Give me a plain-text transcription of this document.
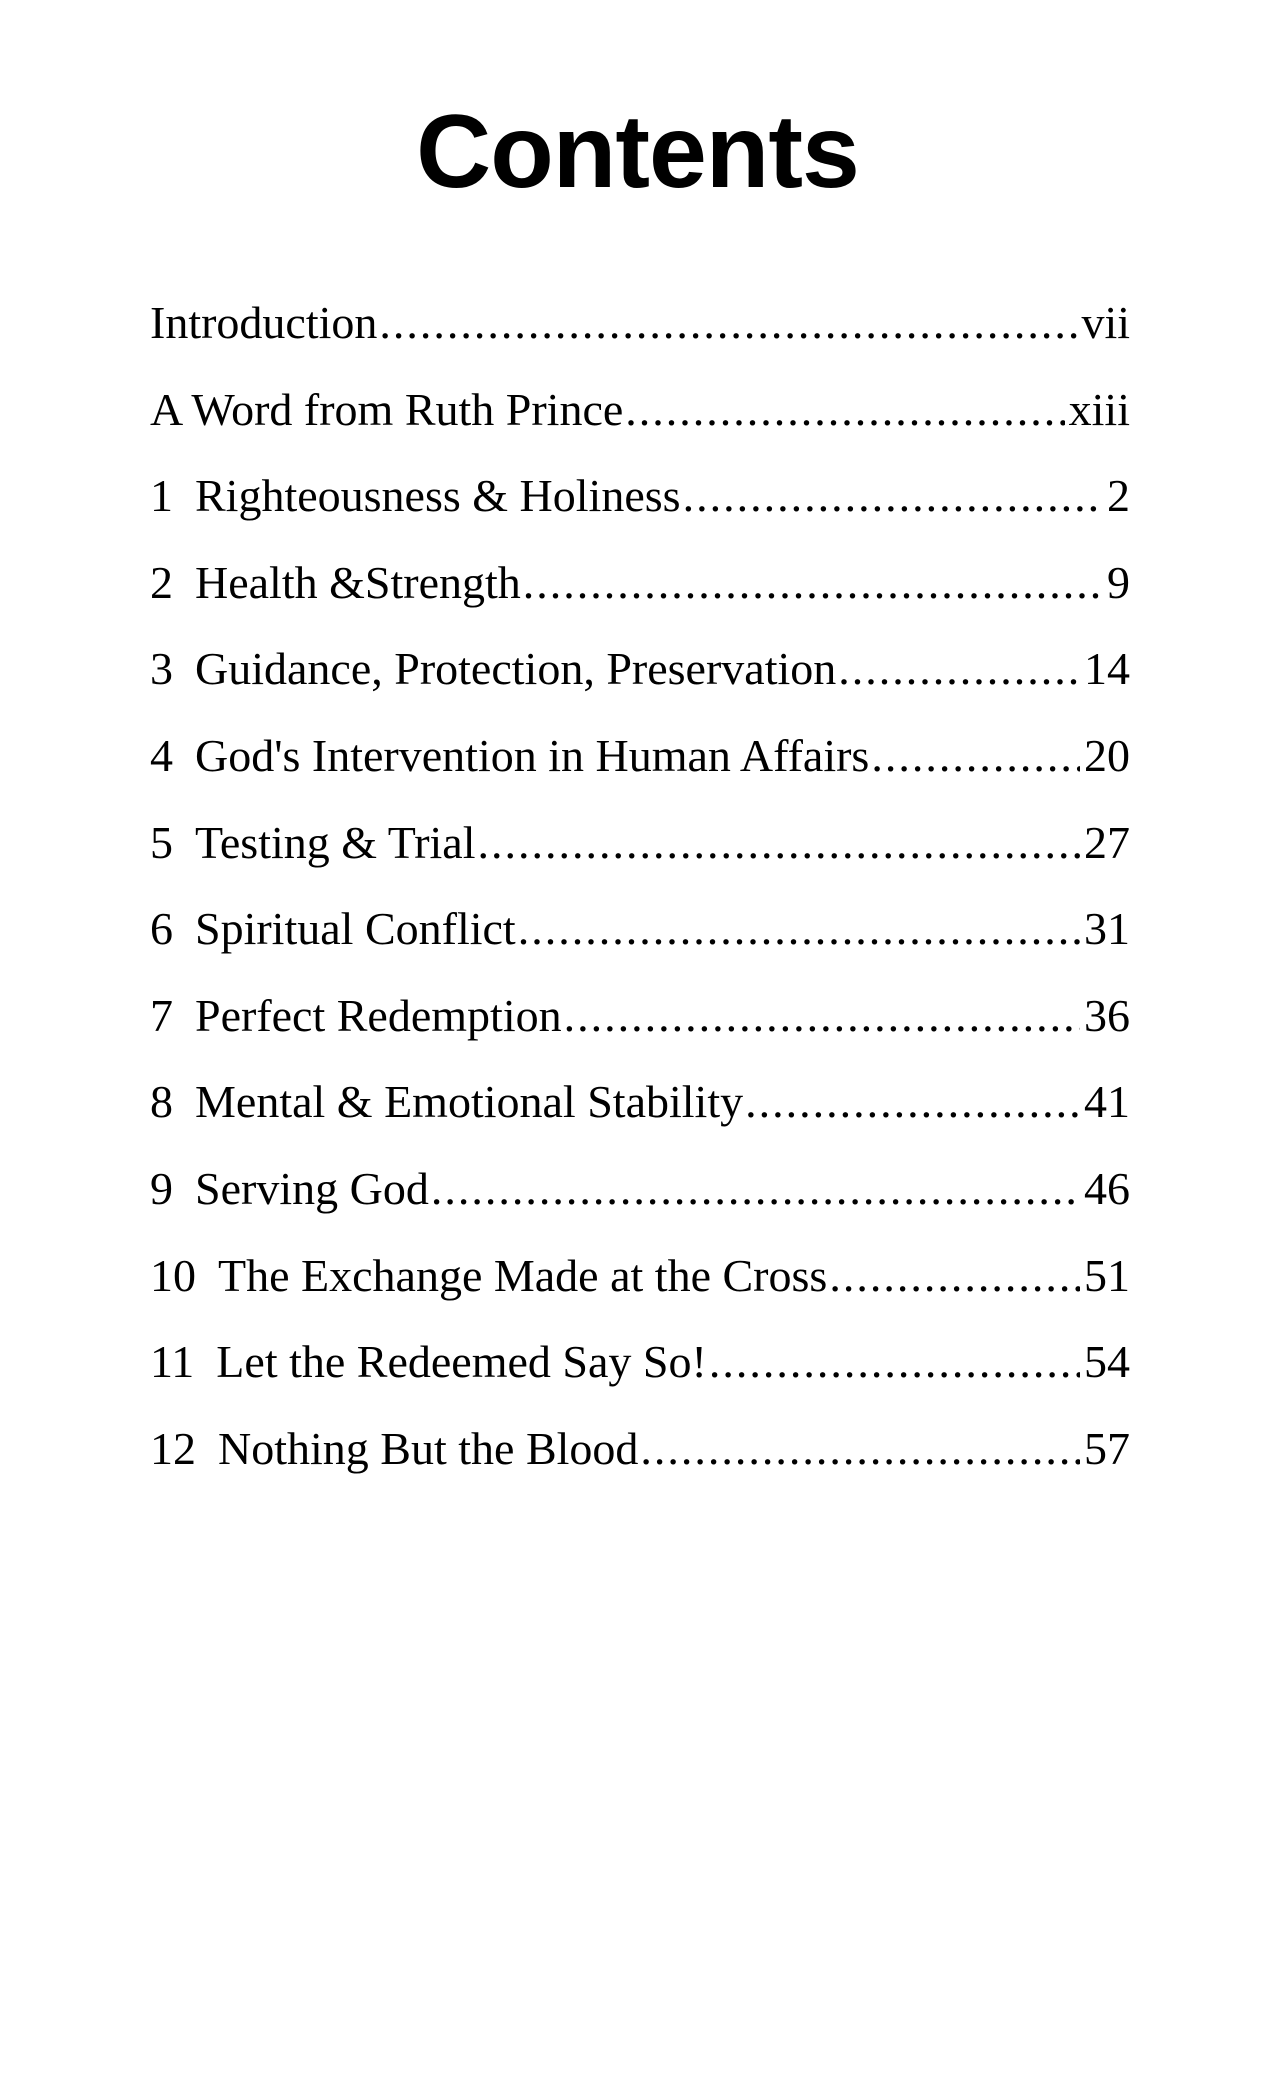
Contents
Introduction .....	vii
A Word from Ruth Prince .....	xiii
1 Righteousness & Holiness .....	2
2 Health &Strength .....	9
3 Guidance, Protection, Preservation .....	14
4 God's Intervention in Human Affairs .....	20
5 Testing & Trial .....	27
6 Spiritual Conflict .....	31
7 Perfect Redemption .....	36
8 Mental & Emotional Stability .....	41
9 Serving God .....	46
10 The Exchange Made at the Cross .....	51
11 Let the Redeemed Say So! .....	54
12 Nothing But the Blood .....	57
